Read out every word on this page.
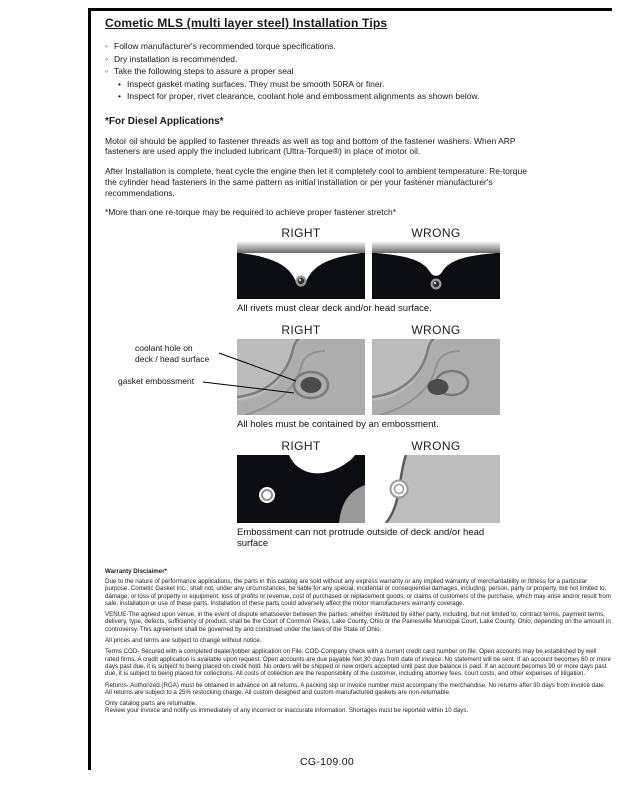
Cometic MLS (multi layer steel) Installation Tips
◦ Follow manufacturer's recommended torque specifications.
◦ Dry installation is recommended.
◦ Take the following steps to assure a proper seal
• Inspect gasket mating surfaces. They must be smooth 50RA or finer.
• Inspect for proper, rivet clearance, coolant hole and embossment alignments as shown below.
*For Diesel Applications*

Motor oil should be applied to fastener threads as well as top and bottom of the fastener washers. When ARP fasteners are used apply the included lubricant (Ultra-Torque®) in place of motor oil.

After Installation is complete, heat cycle the engine then let it completely cool to ambient temperature. Re-torque the cylinder head fasteners in the same pattern as initial installation or per your fastener manufacturer's recommendations.

*More than one re-torque may be required to achieve proper fastener stretch*

RIGHT	WRONG
All rivets must clear deck and/or head surface.
RIGHT	WRONG
All holes must be contained by an embossment.
RIGHT	WRONG
Embossment can not protrude outside of deck and/or head surface
coolant hole on
deck / head surface
gasket embossment
Warranty Disclaimer*

Due to the nature of performance applications, the parts in this catalog are sold without any express warranty or any implied warranty of merchantability or fitness for a particular purpose. Cometic Gasket Inc., shall not, under any circumstances, be liable for any special, incidental or consequential damages, including, person, party or property, but not limited to, damage, or loss of property or equipment, loss of profits or revenue, cost of purchased or replacement goods, or claims of customers of the purchase, which may arise and/or result from sale, installation or use of these parts. Installation of these parts could adversely affect the motor manufacturers warranty coverage.

VENUE-The agreed upon venue, in the event of dispute whatsoever between the parties, whether instituted by either party, including, but not limited to, contract terms, payment terms, delivery, type, defects, sufficiency of product, shall be the Court of Common Pleas, Lake County, Ohio or the Painesville Municipal Court, Lake County, Ohio, depending on the amount in controversy. This agreement shall be governed by and construed under the laws of the State of Ohio.

All prices and terms are subject to change without notice.

Terms COD- Secured with a completed dealer/jobber application on File, COD-Company check with a current credit card number on file. Open accounts may be established by well rated firms. A credit application is available upon request. Open accounts are due payable Net 30 days from date of invoice. No statement will be sent. If an account becomes 60 or more days past due, it is subject to being placed on credit hold. No orders will be shipped or new orders accepted until past due balance is paid. If an account becomes 90 or more days past due, it is subject to being placed for collections. All costs of collection are the responsibility of the customer, including attorney fees, court costs, and other expenses of litigation.

Returns- Authorized (RGA) must be obtained in advance on all returns. A packing slip or invoice number must accompany the merchandise. No returns after 30 days from invoice date. All returns are subject to a 25% restocking charge. All custom designed and custom manufactured gaskets are non-returnable.

Only catalog parts are returnable.

Review your invoice and notify us immediately of any incorrect or inaccurate information. Shortages must be reported within 10 days.

CG-109.00
